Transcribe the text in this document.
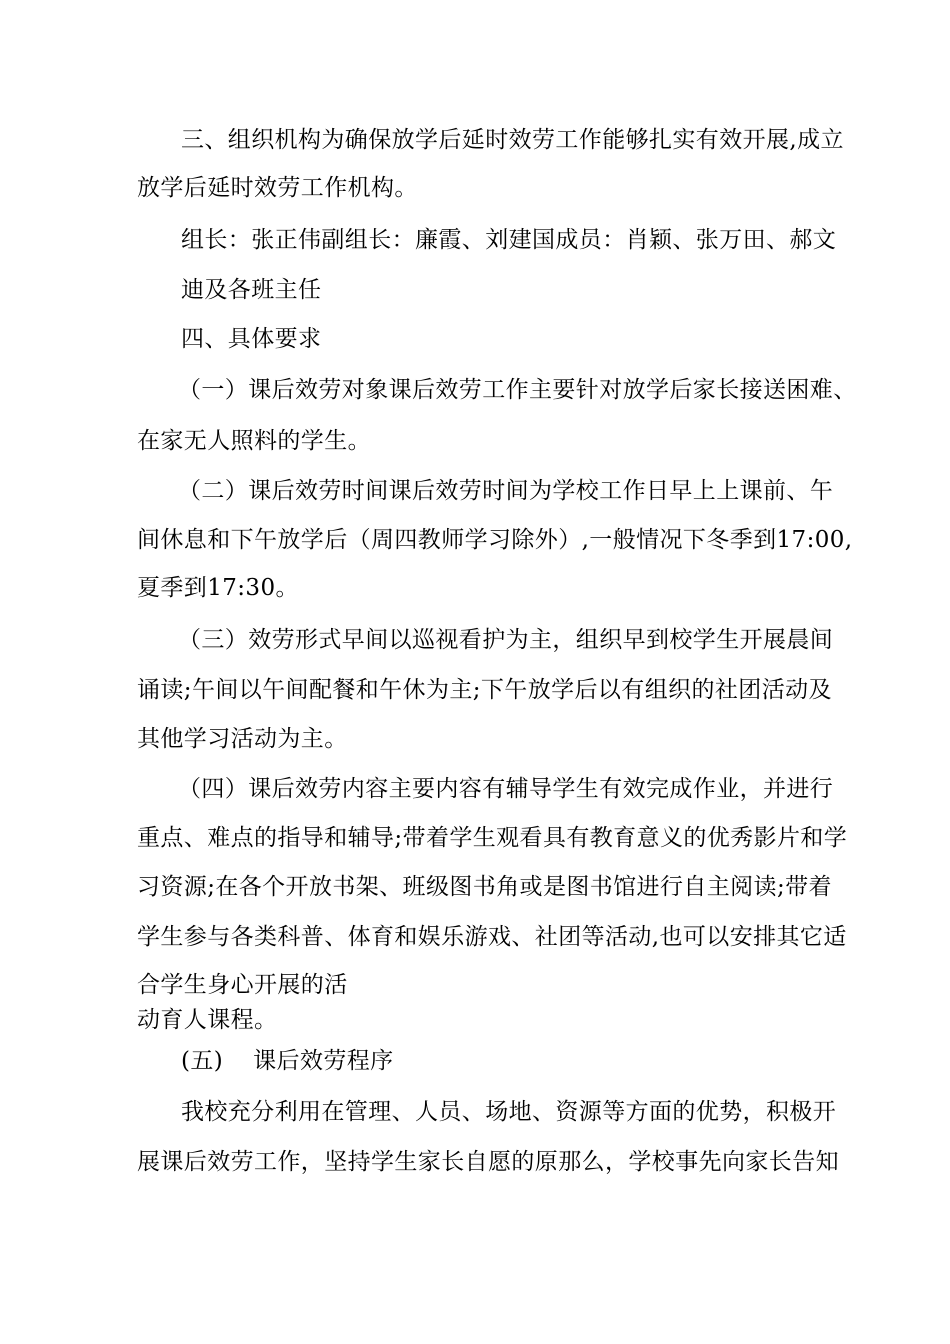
三、组织机构为确保放学后延时效劳工作能够扎实有效开展,成立
放学后延时效劳工作机构。
组长：张正伟副组长：廉霞、刘建国成员：肖颖、张万田、郝文
迪及各班主任
四、具体要求
（一）课后效劳对象课后效劳工作主要针对放学后家长接送困难、
在家无人照料的学生。
（二）课后效劳时间课后效劳时间为学校工作日早上上课前、午
间休息和下午放学后（周四教师学习除外）,一般情况下冬季到17:00,
夏季到17:30。
（三）效劳形式早间以巡视看护为主，组织早到校学生开展晨间
诵读;午间以午间配餐和午休为主;下午放学后以有组织的社团活动及
其他学习活动为主。
（四）课后效劳内容主要内容有辅导学生有效完成作业，并进行
重点、难点的指导和辅导;带着学生观看具有教育意义的优秀影片和学
习资源;在各个开放书架、班级图书角或是图书馆进行自主阅读;带着
学生参与各类科普、体育和娱乐游戏、社团等活动,也可以安排其它适
合学生身心开展的活
动育人课程。
(五) 课后效劳程序
我校充分利用在管理、人员、场地、资源等方面的优势，积极开
展课后效劳工作，坚持学生家长自愿的原那么，学校事先向家长告知
